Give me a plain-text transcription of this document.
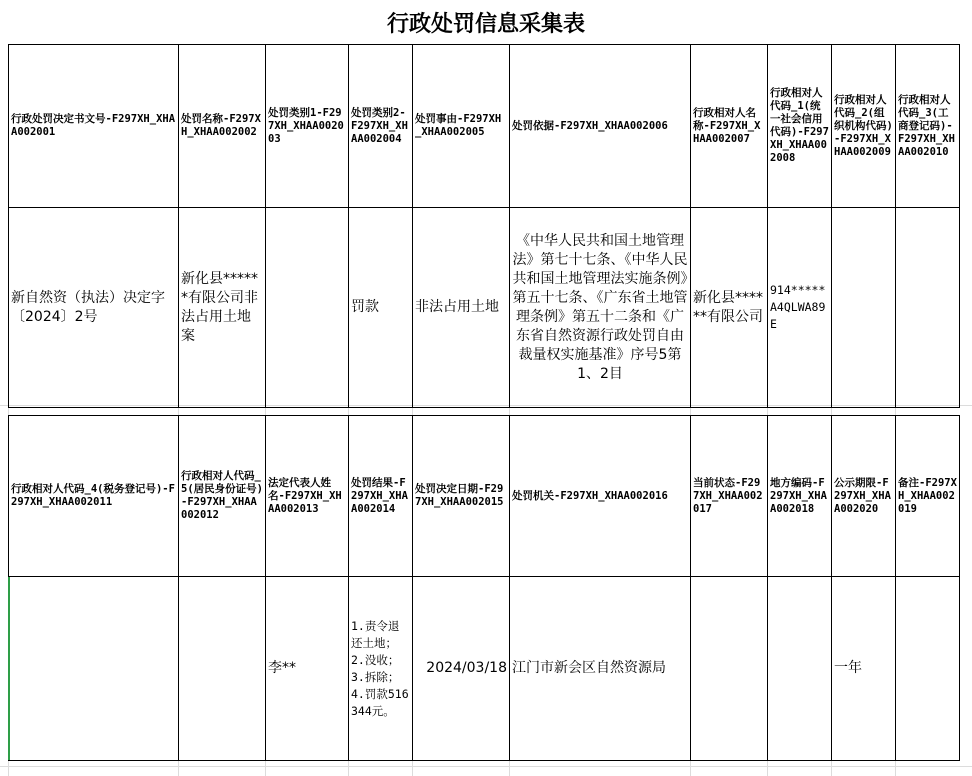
行政处罚信息采集表
行政处罚决定书文号-F297XH_XHAA002001	处罚名称-F297XH_XHAA002002	处罚类别1-F297XH_XHAA002003	处罚类别2-F297XH_XHAA002004	处罚事由-F297XH_XHAA002005	处罚依据-F297XH_XHAA002006	行政相对人名称-F297XH_XHAA002007	行政相对人代码_1(统一社会信用代码)-F297XH_XHAA002008	行政相对人代码_2(组织机构代码)-F297XH_XHAA002009	行政相对人代码_3(工商登记码)-F297XH_XHAA002010
新自然资（执法）决定字〔2024〕2号	新化县******有限公司非法占用土地案		罚款	非法占用土地	《中华人民共和国土地管理法》第七十七条、《中华人民共和国土地管理法实施条例》第五十七条、《广东省土地管理条例》第五十二条和《广东省自然资源行政处罚自由裁量权实施基准》序号5第1、2目	新化县******有限公司	914*****A4QLWA89E		
行政相对人代码_4(税务登记号)-F297XH_XHAA002011	行政相对人代码_5(居民身份证号)-F297XH_XHAA002012	法定代表人姓名-F297XH_XHAA002013	处罚结果-F297XH_XHAA002014	处罚决定日期-F297XH_XHAA002015	处罚机关-F297XH_XHAA002016	当前状态-F297XH_XHAA002017	地方编码-F297XH_XHAA002018	公示期限-F297XH_XHAA002020	备注-F297XH_XHAA002019
		李**	1.责令退还土地；2.没收；3.拆除；4.罚款516344元。	2024/03/18	江门市新会区自然资源局			一年	
